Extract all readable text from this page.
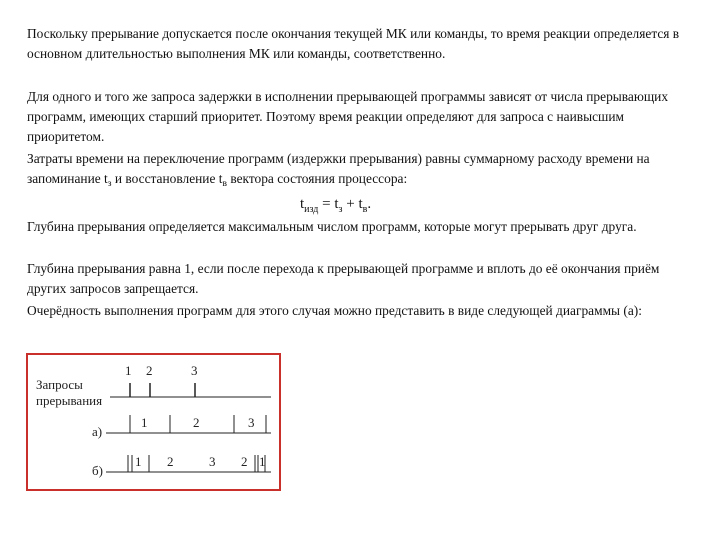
Поскольку прерывание допускается после окончания текущей МК или команды, то время реакции определяется в основном длительностью выполнения МК или команды, соответственно.

Для одного и того же запроса задержки в исполнении прерывающей программы зависят от числа прерывающих программ, имеющих старший приоритет. Поэтому время реакции определяют для запроса с наивысшим приоритетом.

Затраты времени на переключение программ (издержки прерывания) равны суммарному расходу времени на запоминание $t_з$ и восстановление $t_в$ вектора состояния процессора:

$t_{изд} = t_з + t_в$.

Глубина прерывания определяется максимальным числом программ, которые могут прерывать друг друга.

Глубина прерывания равна 1, если после перехода к прерывающей программе и вплоть до её окончания приём других запросов запрещается.

Очерёдность выполнения программ для этого случая можно представить в виде следующей диаграммы (а):

Запросы
прерывания
1 2	3
а)
1	2	3
б)
1 2	3 2 1
